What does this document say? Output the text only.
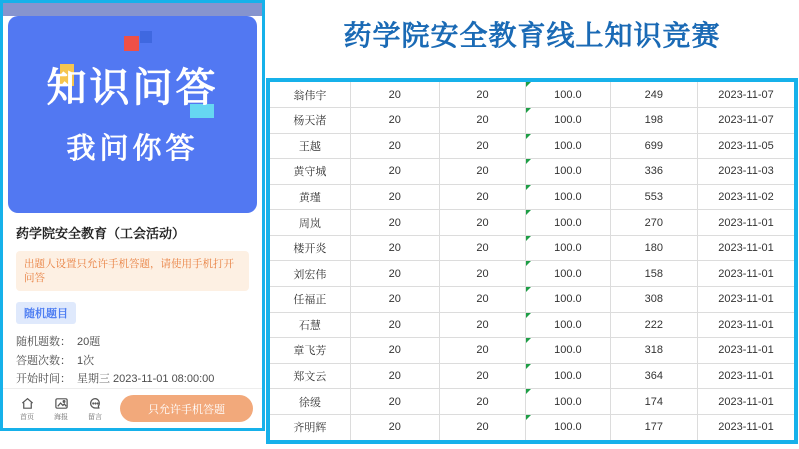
知识问答
我问你答
药学院安全教育（工会活动）
出题人设置只允许手机答题，请使用手机打开问答
随机题目
随机题数： 20题
答题次数： 1次
开始时间： 星期三 2023-11-01 08:00:00
首页	海报	留言
只允许手机答题
药学院安全教育线上知识竞赛
翁伟宇	20	20	100.0	249	2023-11-07
杨天渚	20	20	100.0	198	2023-11-07
王越	20	20	100.0	699	2023-11-05
黄守城	20	20	100.0	336	2023-11-03
黄瑾	20	20	100.0	553	2023-11-02
周岚	20	20	100.0	270	2023-11-01
楼开炎	20	20	100.0	180	2023-11-01
刘宏伟	20	20	100.0	158	2023-11-01
任福正	20	20	100.0	308	2023-11-01
石慧	20	20	100.0	222	2023-11-01
章飞芳	20	20	100.0	318	2023-11-01
郑文云	20	20	100.0	364	2023-11-01
徐缓	20	20	100.0	174	2023-11-01
齐明辉	20	20	100.0	177	2023-11-01
